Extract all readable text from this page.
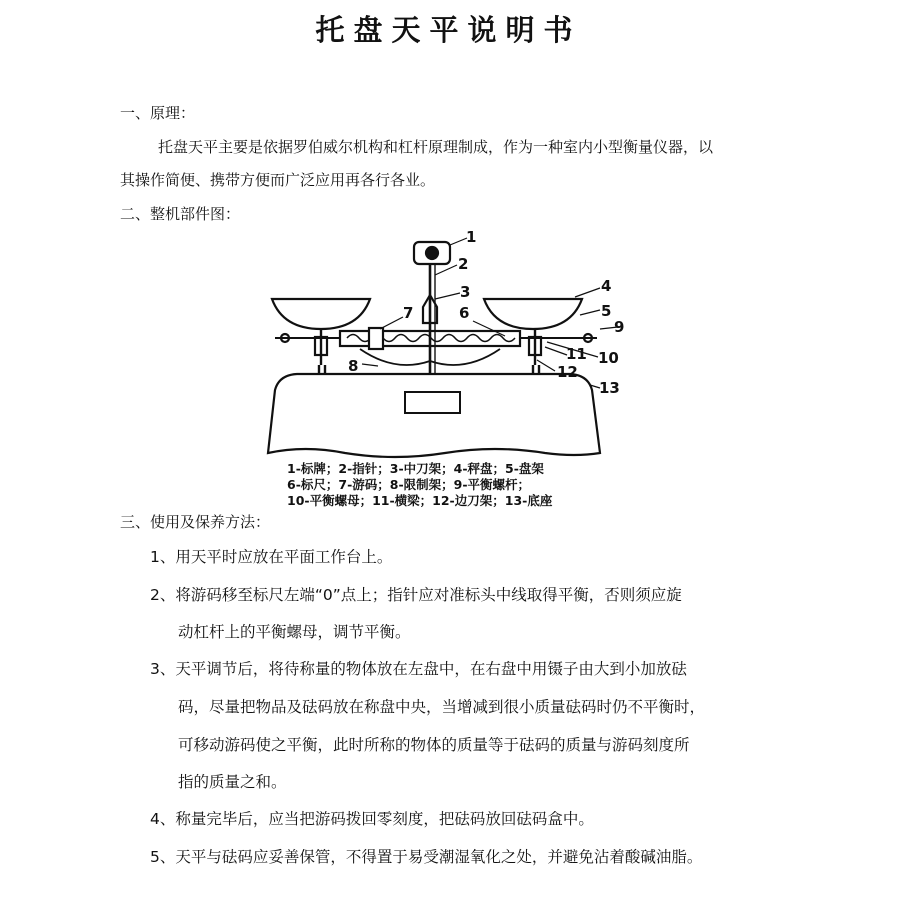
托盘天平说明书
一、原理：
托盘天平主要是依据罗伯威尔机构和杠杆原理制成，作为一种室内小型衡量仪器，以
其操作简便、携带方便而广泛应用再各行各业。
二、整机部件图：
1
2
3	4
5
6
7
8
9
10
11
12
13
1-标牌；2-指针；3-中刀架；4-秤盘；5-盘架
6-标尺；7-游码；8-限制架；9-平衡螺杆；
10-平衡螺母；11-横梁；12-边刀架；13-底座
三、使用及保养方法：
1、用天平时应放在平面工作台上。
2、将游码移至标尺左端“0”点上；指针应对准标头中线取得平衡，否则须应旋
动杠杆上的平衡螺母，调节平衡。
3、天平调节后，将待称量的物体放在左盘中，在右盘中用镊子由大到小加放砝
码，尽量把物品及砝码放在称盘中央，当增减到很小质量砝码时仍不平衡时，
可移动游码使之平衡，此时所称的物体的质量等于砝码的质量与游码刻度所
指的质量之和。
4、称量完毕后，应当把游码拨回零刻度，把砝码放回砝码盒中。
5、天平与砝码应妥善保管，不得置于易受潮湿氧化之处，并避免沾着酸碱油脂。
